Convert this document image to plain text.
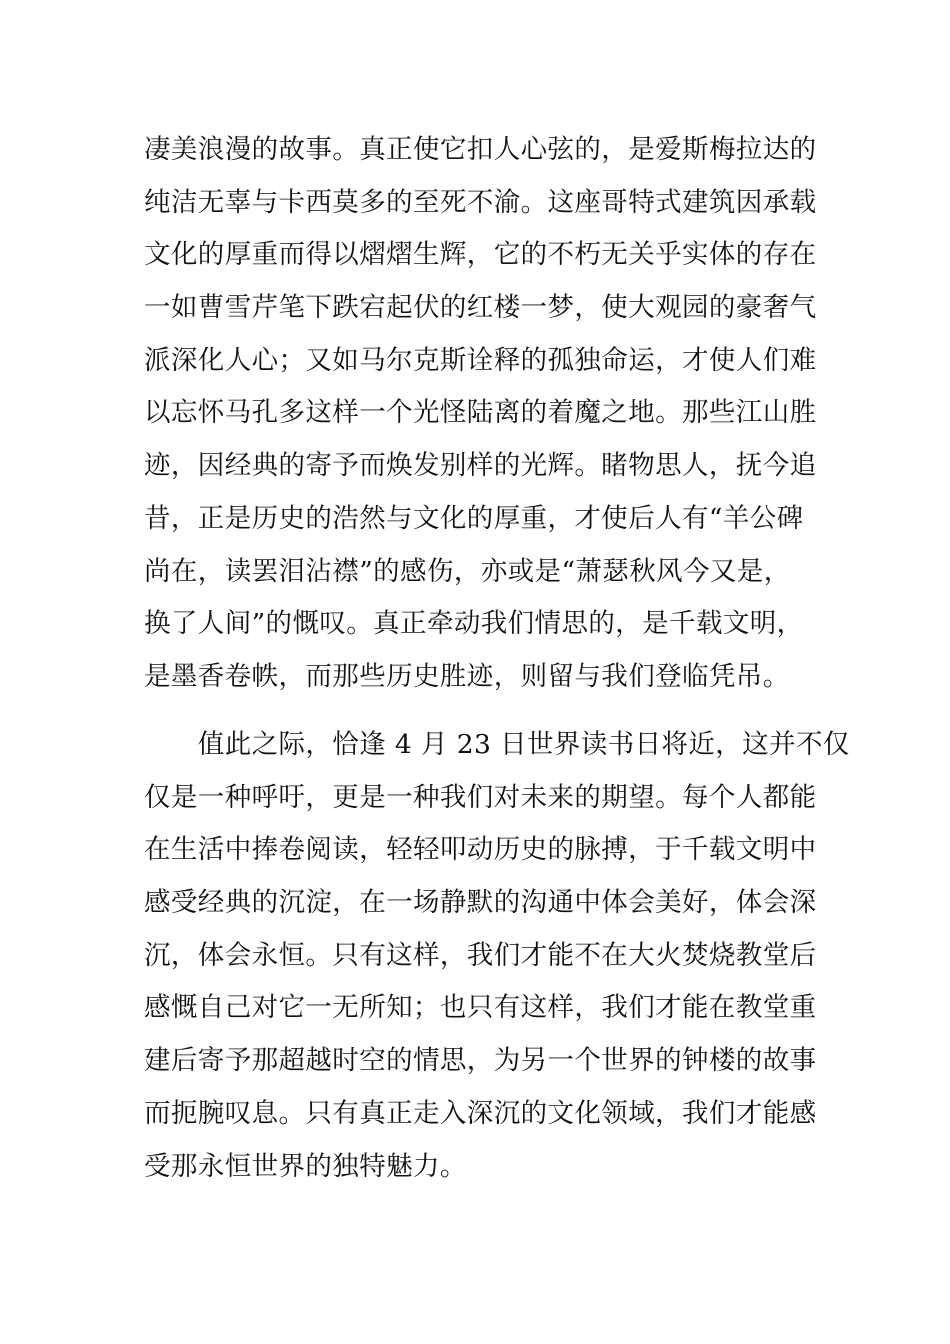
凄美浪漫的故事。真正使它扣人心弦的，是爱斯梅拉达的
纯洁无辜与卡西莫多的至死不渝。这座哥特式建筑因承载
文化的厚重而得以熠熠生辉，它的不朽无关乎实体的存在
一如曹雪芹笔下跌宕起伏的红楼一梦，使大观园的豪奢气
派深化人心；又如马尔克斯诠释的孤独命运，才使人们难
以忘怀马孔多这样一个光怪陆离的着魔之地。那些江山胜
迹，因经典的寄予而焕发别样的光辉。睹物思人，抚今追
昔，正是历史的浩然与文化的厚重，才使后人有“羊公碑
尚在，读罢泪沾襟”的感伤，亦或是“萧瑟秋风今又是，
换了人间”的慨叹。真正牵动我们情思的，是千载文明，
是墨香卷帙，而那些历史胜迹，则留与我们登临凭吊。
　　值此之际，恰逢 4 月 23 日世界读书日将近，这并不仅
仅是一种呼吁，更是一种我们对未来的期望。每个人都能
在生活中捧卷阅读，轻轻叩动历史的脉搏，于千载文明中
感受经典的沉淀，在一场静默的沟通中体会美好，体会深
沉，体会永恒。只有这样，我们才能不在大火焚烧教堂后
感慨自己对它一无所知；也只有这样，我们才能在教堂重
建后寄予那超越时空的情思，为另一个世界的钟楼的故事
而扼腕叹息。只有真正走入深沉的文化领域，我们才能感
受那永恒世界的独特魅力。
